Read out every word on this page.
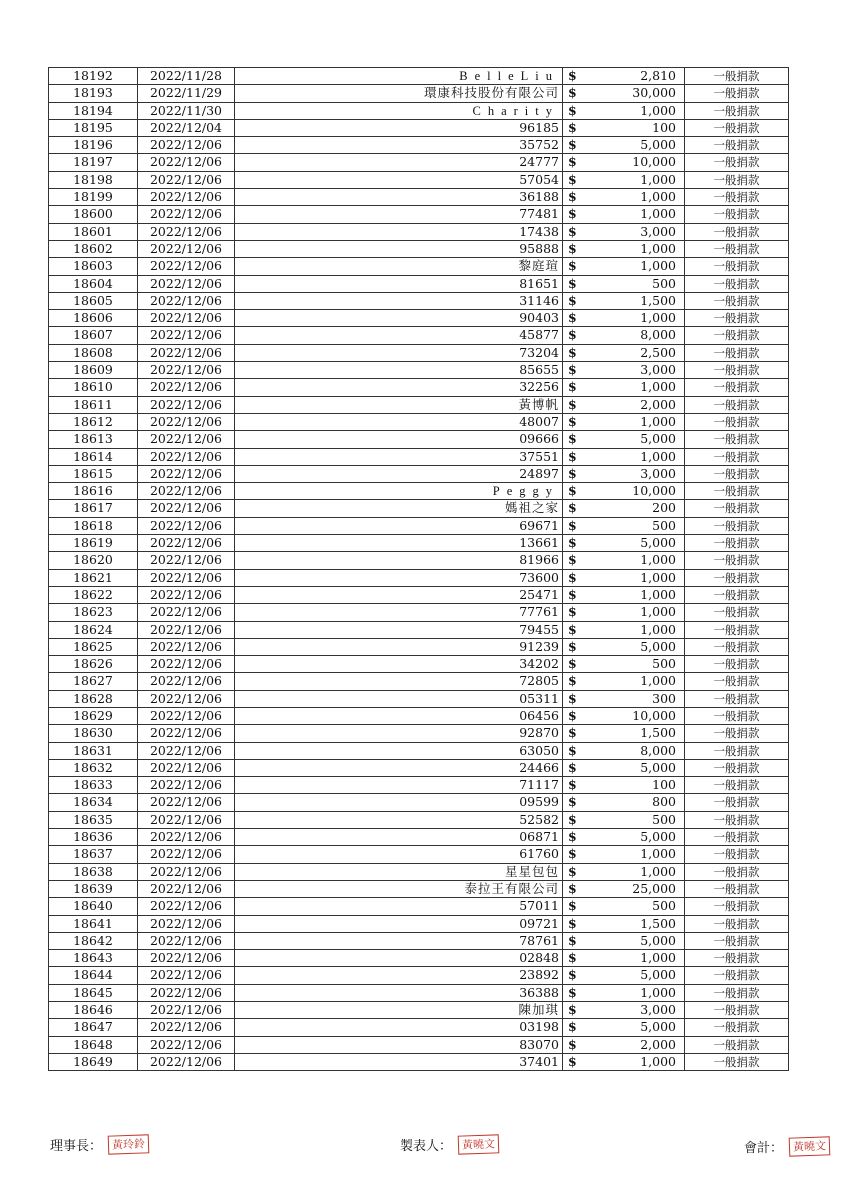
18192	2022/11/28	BelleLiu	$	2,810	一般捐款
18193	2022/11/29	環康科技股份有限公司	$	30,000	一般捐款
18194	2022/11/30	Charity	$	1,000	一般捐款
18195	2022/12/04	96185	$	100	一般捐款
18196	2022/12/06	35752	$	5,000	一般捐款
18197	2022/12/06	24777	$	10,000	一般捐款
18198	2022/12/06	57054	$	1,000	一般捐款
18199	2022/12/06	36188	$	1,000	一般捐款
18600	2022/12/06	77481	$	1,000	一般捐款
18601	2022/12/06	17438	$	3,000	一般捐款
18602	2022/12/06	95888	$	1,000	一般捐款
18603	2022/12/06	黎庭瑄	$	1,000	一般捐款
18604	2022/12/06	81651	$	500	一般捐款
18605	2022/12/06	31146	$	1,500	一般捐款
18606	2022/12/06	90403	$	1,000	一般捐款
18607	2022/12/06	45877	$	8,000	一般捐款
18608	2022/12/06	73204	$	2,500	一般捐款
18609	2022/12/06	85655	$	3,000	一般捐款
18610	2022/12/06	32256	$	1,000	一般捐款
18611	2022/12/06	黃博帆	$	2,000	一般捐款
18612	2022/12/06	48007	$	1,000	一般捐款
18613	2022/12/06	09666	$	5,000	一般捐款
18614	2022/12/06	37551	$	1,000	一般捐款
18615	2022/12/06	24897	$	3,000	一般捐款
18616	2022/12/06	Peggy	$	10,000	一般捐款
18617	2022/12/06	媽祖之家	$	200	一般捐款
18618	2022/12/06	69671	$	500	一般捐款
18619	2022/12/06	13661	$	5,000	一般捐款
18620	2022/12/06	81966	$	1,000	一般捐款
18621	2022/12/06	73600	$	1,000	一般捐款
18622	2022/12/06	25471	$	1,000	一般捐款
18623	2022/12/06	77761	$	1,000	一般捐款
18624	2022/12/06	79455	$	1,000	一般捐款
18625	2022/12/06	91239	$	5,000	一般捐款
18626	2022/12/06	34202	$	500	一般捐款
18627	2022/12/06	72805	$	1,000	一般捐款
18628	2022/12/06	05311	$	300	一般捐款
18629	2022/12/06	06456	$	10,000	一般捐款
18630	2022/12/06	92870	$	1,500	一般捐款
18631	2022/12/06	63050	$	8,000	一般捐款
18632	2022/12/06	24466	$	5,000	一般捐款
18633	2022/12/06	71117	$	100	一般捐款
18634	2022/12/06	09599	$	800	一般捐款
18635	2022/12/06	52582	$	500	一般捐款
18636	2022/12/06	06871	$	5,000	一般捐款
18637	2022/12/06	61760	$	1,000	一般捐款
18638	2022/12/06	星星包包	$	1,000	一般捐款
18639	2022/12/06	泰拉王有限公司	$	25,000	一般捐款
18640	2022/12/06	57011	$	500	一般捐款
18641	2022/12/06	09721	$	1,500	一般捐款
18642	2022/12/06	78761	$	5,000	一般捐款
18643	2022/12/06	02848	$	1,000	一般捐款
18644	2022/12/06	23892	$	5,000	一般捐款
18645	2022/12/06	36388	$	1,000	一般捐款
18646	2022/12/06	陳加琪	$	3,000	一般捐款
18647	2022/12/06	03198	$	5,000	一般捐款
18648	2022/12/06	83070	$	2,000	一般捐款
18649	2022/12/06	37401	$	1,000	一般捐款
理事長： 黃玲鈴	製表人： 黃曉文	會計： 黃曉文
